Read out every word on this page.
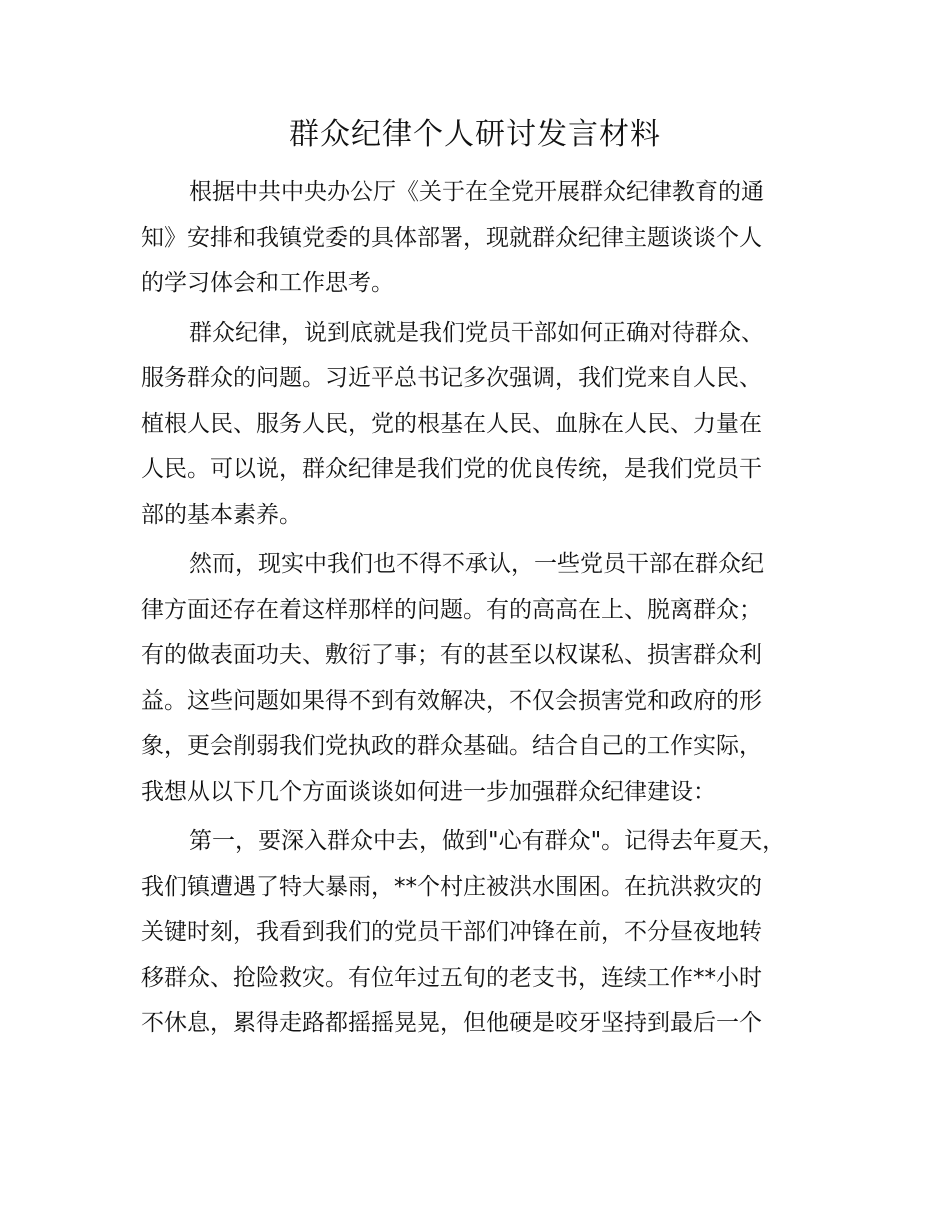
群众纪律个人研讨发言材料

根据中共中央办公厅《关于在全党开展群众纪律教育的通
知》安排和我镇党委的具体部署，现就群众纪律主题谈谈个人
的学习体会和工作思考。

群众纪律，说到底就是我们党员干部如何正确对待群众、
服务群众的问题。习近平总书记多次强调，我们党来自人民、
植根人民、服务人民，党的根基在人民、血脉在人民、力量在
人民。可以说，群众纪律是我们党的优良传统，是我们党员干
部的基本素养。

然而，现实中我们也不得不承认，一些党员干部在群众纪
律方面还存在着这样那样的问题。有的高高在上、脱离群众；
有的做表面功夫、敷衍了事；有的甚至以权谋私、损害群众利
益。这些问题如果得不到有效解决，不仅会损害党和政府的形
象，更会削弱我们党执政的群众基础。结合自己的工作实际，
我想从以下几个方面谈谈如何进一步加强群众纪律建设：

第一，要深入群众中去，做到"心有群众"。记得去年夏天，
我们镇遭遇了特大暴雨，**个村庄被洪水围困。在抗洪救灾的
关键时刻，我看到我们的党员干部们冲锋在前，不分昼夜地转
移群众、抢险救灾。有位年过五旬的老支书，连续工作**小时
不休息，累得走路都摇摇晃晃，但他硬是咬牙坚持到最后一个
